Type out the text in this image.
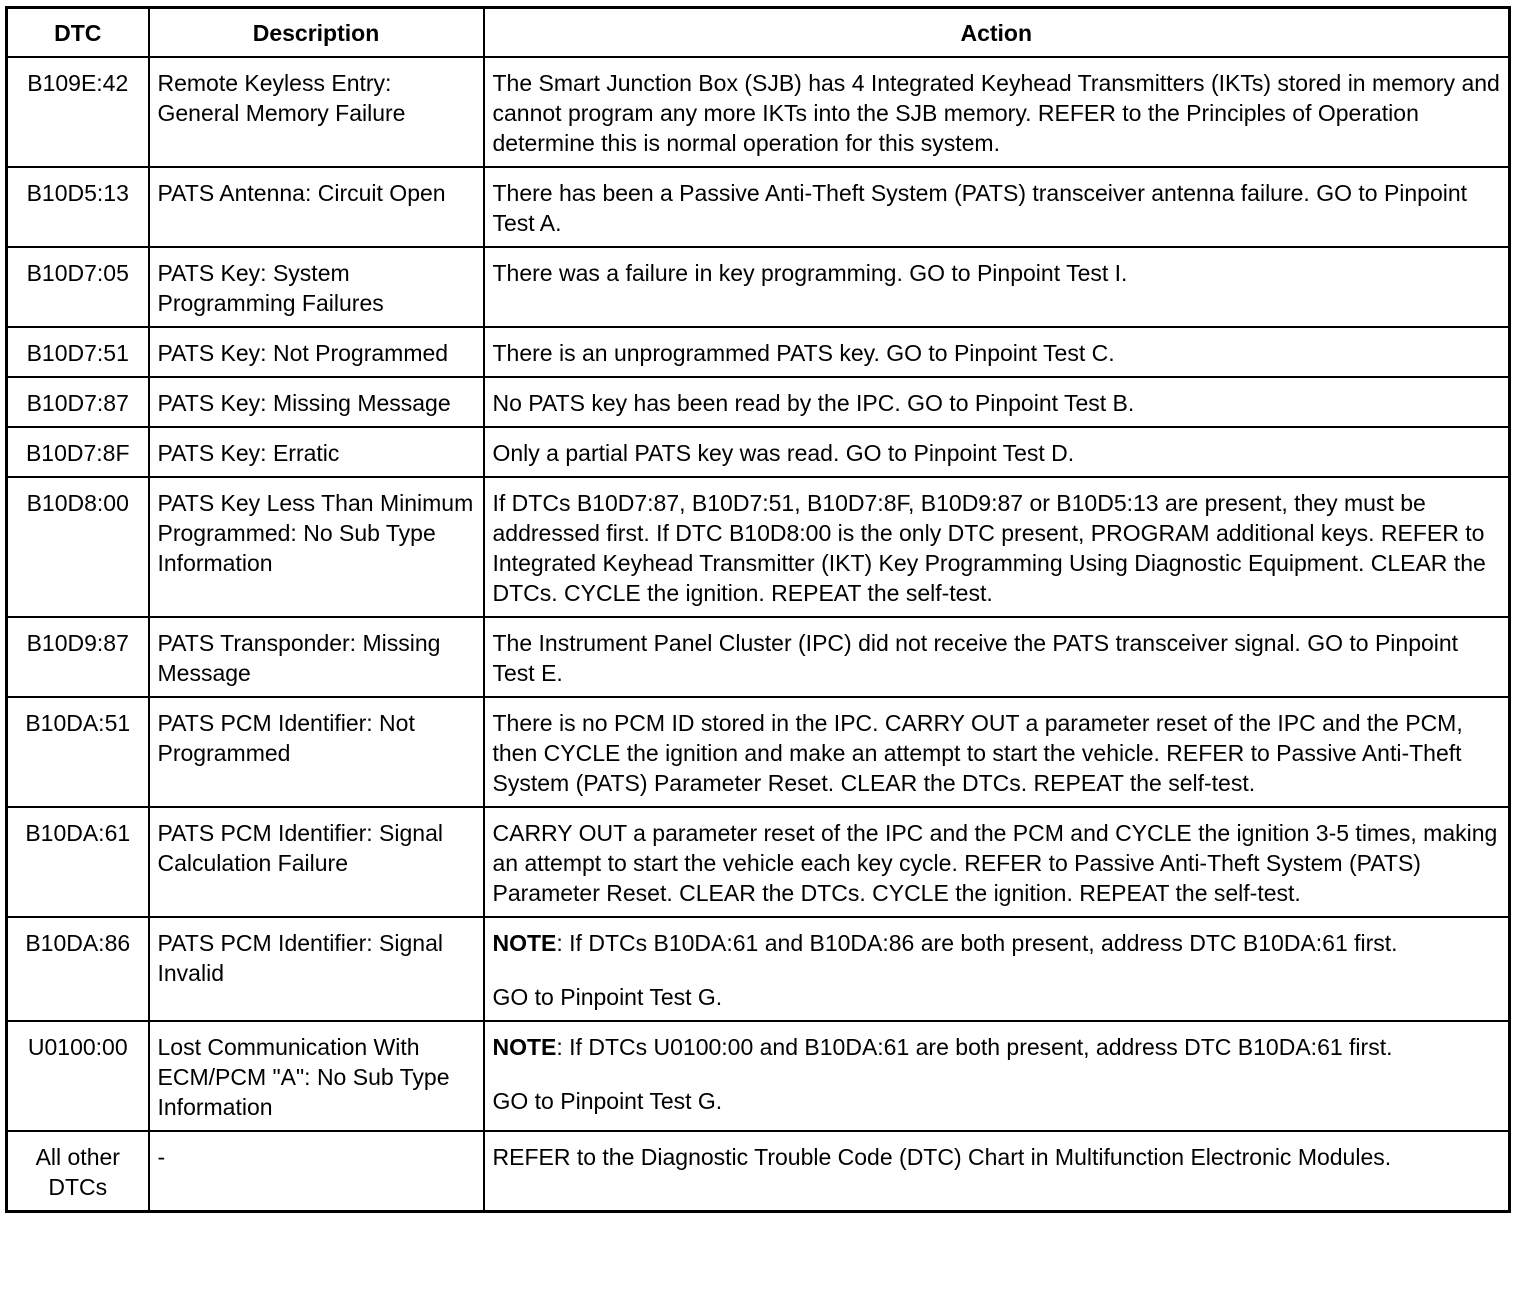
DTC	Description	Action
B109E:42	Remote Keyless Entry: General Memory Failure	The Smart Junction Box (SJB) has 4 Integrated Keyhead Transmitters (IKTs) stored in memory and cannot program any more IKTs into the SJB memory. REFER to the Principles of Operation determine this is normal operation for this system.
B10D5:13	PATS Antenna: Circuit Open	There has been a Passive Anti-Theft System (PATS) transceiver antenna failure. GO to Pinpoint Test A.
B10D7:05	PATS Key: System Programming Failures	There was a failure in key programming. GO to Pinpoint Test I.
B10D7:51	PATS Key: Not Programmed	There is an unprogrammed PATS key. GO to Pinpoint Test C.
B10D7:87	PATS Key: Missing Message	No PATS key has been read by the IPC. GO to Pinpoint Test B.
B10D7:8F	PATS Key: Erratic	Only a partial PATS key was read. GO to Pinpoint Test D.
B10D8:00	PATS Key Less Than Minimum Programmed: No Sub Type Information	If DTCs B10D7:87, B10D7:51, B10D7:8F, B10D9:87 or B10D5:13 are present, they must be addressed first. If DTC B10D8:00 is the only DTC present, PROGRAM additional keys. REFER to Integrated Keyhead Transmitter (IKT) Key Programming Using Diagnostic Equipment. CLEAR the DTCs. CYCLE the ignition. REPEAT the self-test.
B10D9:87	PATS Transponder: Missing Message	The Instrument Panel Cluster (IPC) did not receive the PATS transceiver signal. GO to Pinpoint Test E.
B10DA:51	PATS PCM Identifier: Not Programmed	There is no PCM ID stored in the IPC. CARRY OUT a parameter reset of the IPC and the PCM, then CYCLE the ignition and make an attempt to start the vehicle. REFER to Passive Anti-Theft System (PATS) Parameter Reset. CLEAR the DTCs. REPEAT the self-test.
B10DA:61	PATS PCM Identifier: Signal Calculation Failure	CARRY OUT a parameter reset of the IPC and the PCM and CYCLE the ignition 3-5 times, making an attempt to start the vehicle each key cycle. REFER to Passive Anti-Theft System (PATS) Parameter Reset. CLEAR the DTCs. CYCLE the ignition. REPEAT the self-test.
B10DA:86	PATS PCM Identifier: Signal Invalid	NOTE: If DTCs B10DA:61 and B10DA:86 are both present, address DTC B10DA:61 first.
GO to Pinpoint Test G.

U0100:00	Lost Communication With ECM/PCM "A": No Sub Type Information	NOTE: If DTCs U0100:00 and B10DA:61 are both present, address DTC B10DA:61 first.
GO to Pinpoint Test G.

All other DTCs	-	REFER to the Diagnostic Trouble Code (DTC) Chart in Multifunction Electronic Modules.
